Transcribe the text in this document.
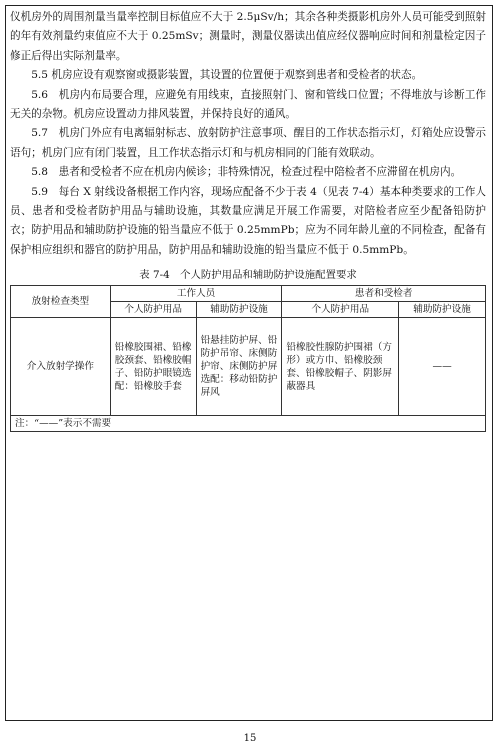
仪机房外的周围剂量当量率控制目标值应不大于 2.5μSv/h；其余各种类摄影机房外人员可能受到照射的年有效剂量约束值应不大于 0.25mSv；测量时，测量仪器读出值应经仪器响应时间和剂量检定因子修正后得出实际剂量率。

5.5 机房应设有观察窗或摄影装置，其设置的位置便于观察到患者和受检者的状态。

5.6　机房内布局要合理，应避免有用线束，直接照射门、窗和管线口位置；不得堆放与诊断工作无关的杂物。机房应设置动力排风装置，并保持良好的通风。

5.7　机房门外应有电离辐射标志、放射防护注意事项、醒目的工作状态指示灯，灯箱处应设警示语句；机房门应有闭门装置，且工作状态指示灯和与机房相同的门能有效联动。

5.8　患者和受检者不应在机房内候诊；非特殊情况，检查过程中陪检者不应滞留在机房内。

5.9　每台 X 射线设备根据工作内容，现场应配备不少于表 4（见表 7-4）基本种类要求的工作人员、患者和受检者防护用品与辅助设施，其数量应满足开展工作需要，对陪检者应至少配备铅防护衣；防护用品和辅助防护设施的铅当量应不低于 0.25mmPb；应为不同年龄儿童的不同检查，配备有保护相应组织和器官的防护用品，防护用品和辅助设施的铅当量应不低于 0.5mmPb。

表 7-4　个人防护用品和辅助防护设施配置要求
放射检查类型	工作人员		患者和受检者	
	个人防护用品	辅助防护设施	个人防护用品	辅助防护设施
介入放射学操作	铅橡胶围裙、铅橡胶颈套、铅橡胶帽子、铅防护眼镜选配：铅橡胶手套	铅悬挂防护屏、铅防护吊帘、床侧防护帘、床侧防护屏选配：移动铅防护屏风	铅橡胶性腺防护围裙（方形）或方巾、铅橡胶颈套、铅橡胶帽子、阴影屏蔽器具	——
注：“——”表示不需要				
15
